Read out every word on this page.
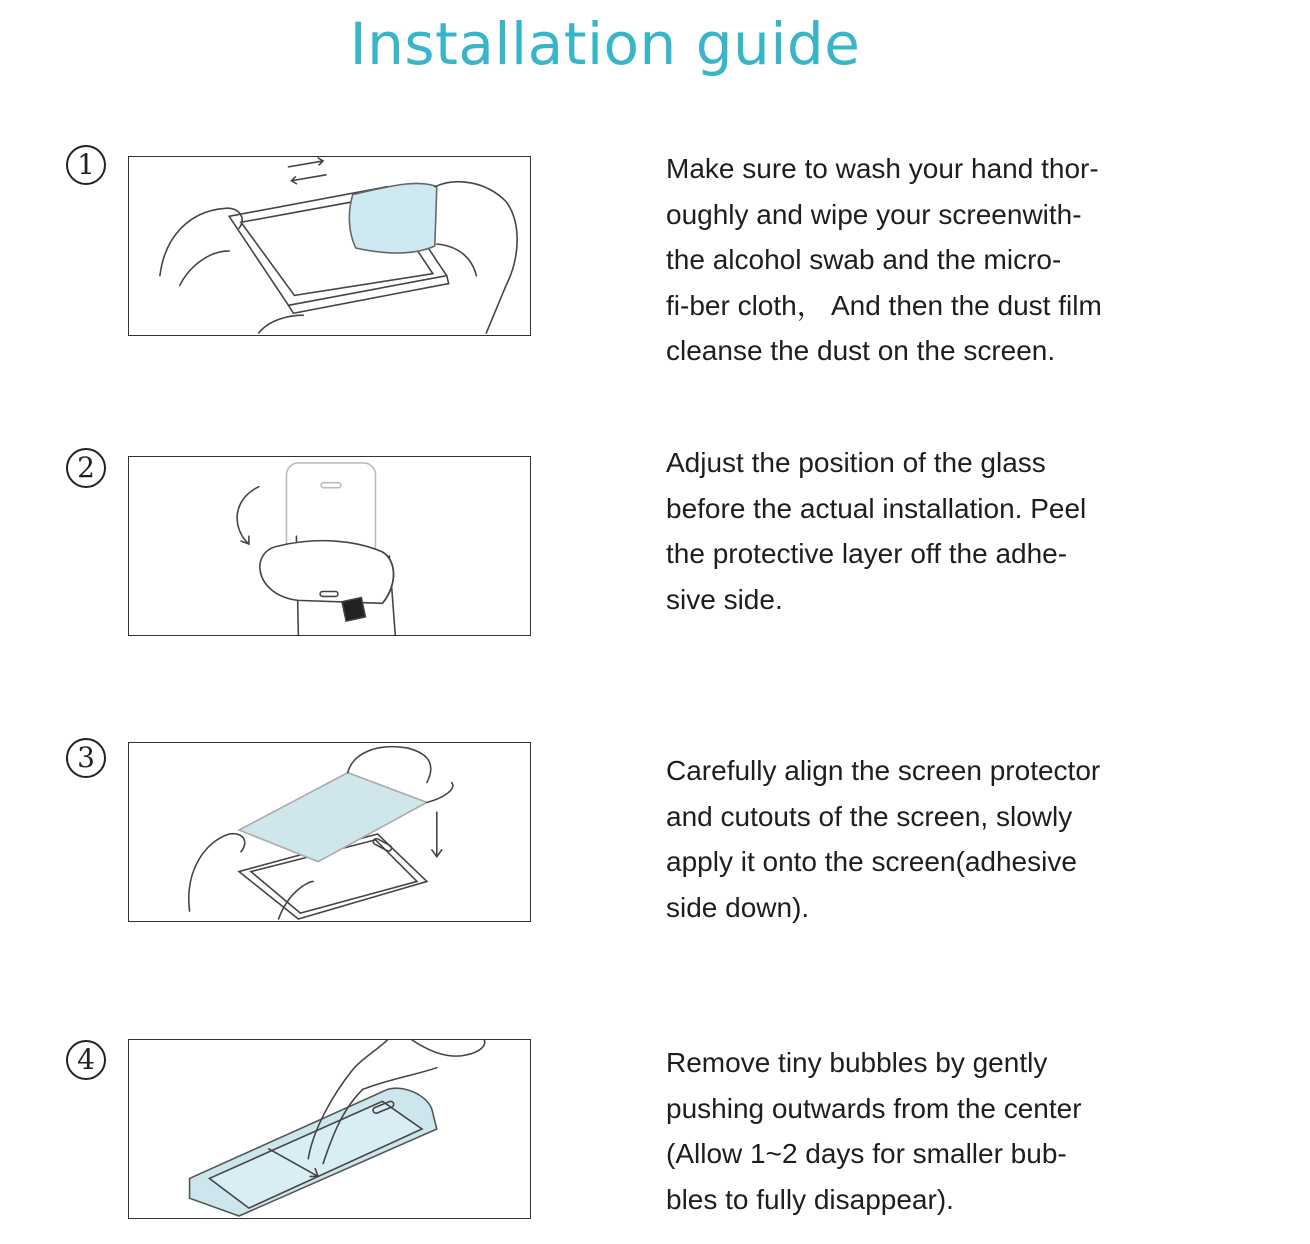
Installation guide
1	Make sure to wash your hand thor-

oughly and wipe your screenwith-

the alcohol swab and the micro-

fi-ber cloth， And then the dust film

cleanse the dust on the screen.

2	Adjust the position of the glass

before the actual installation. Peel

the protective layer off the adhe-

sive side.

3	Carefully align the screen protector

and cutouts of the screen, slowly

apply it onto the screen(adhesive

side down).

4	Remove tiny bubbles by gently

pushing outwards from the center

(Allow 1~2 days for smaller bub-

bles to fully disappear).
